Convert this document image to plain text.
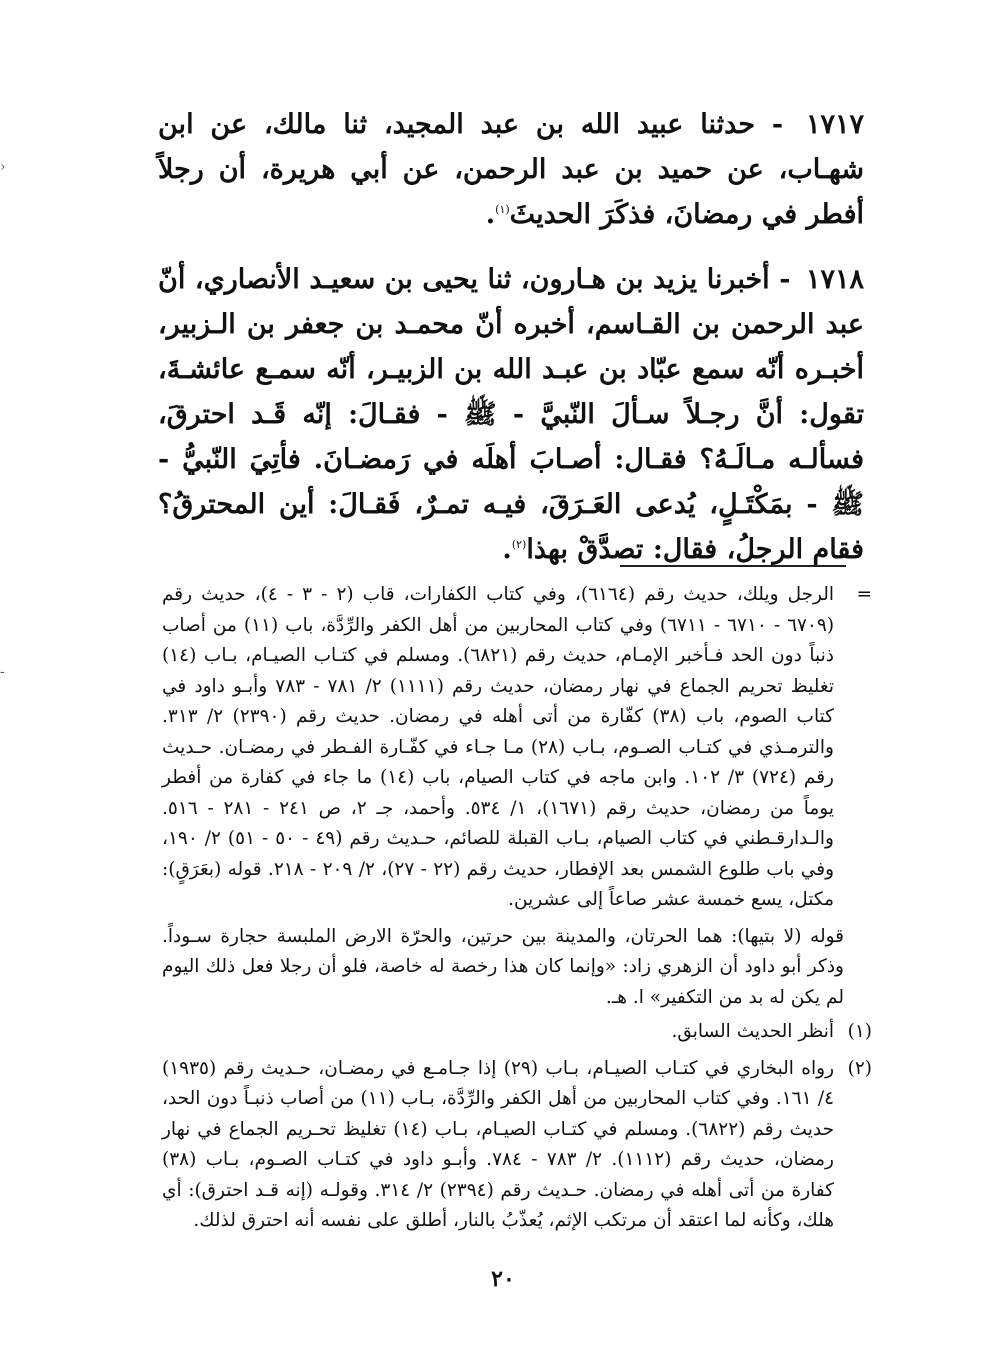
‹
-

١٧١٧ - حدثنا عبيد الله بن عبد المجيد، ثنا مالك، عن ابن شهـاب، عن حميد بن عبد الرحمن، عن أبي هريرة، أن رجلاً أفطر في رمضانَ، فذكَرَ الحديثَ$^{(١)}$.

١٧١٨ - أخبرنا يزيد بن هـارون، ثنا يحيى بن سعيـد الأنصاري، أنّ عبد الرحمن بن القـاسم، أخبره أنّ محمـد بن جعفر بن الـزبير، أخبـره أنّه سمع عبّاد بن عبـد الله بن الزبيـر، أنّه سمـع عائشـةَ، تقول: أنَّ رجـلاً سـألَ النّبيَّ - ﷺ - فقـالَ: إنّه قَـد احترقَ، فسألـه مـالَـهُ؟ فقـال: أصـابَ أهلَه في رَمضـانَ. فأتِيَ النّبيُّ - ﷺ - بمَكْتَـلٍ، يُدعى العَـرَقَ، فيـه تمـرٌ، فَقـالَ: أين المحترقُ؟ فقام الرجلُ، فقال: تصدَّقْ بهذا$^{(٢)}$.

=
الرجل ويلك، حديث رقم (٦١٦٤)، وفي كتاب الكفارات، قاب (٢ - ٣ - ٤)، حديث رقم (٦٧٠٩ - ٦٧١٠ - ٦٧١١) وفي كتاب المحاربين من أهل الكفر والرِّدَّة، باب (١١) من أصاب ذنباً دون الحد فـأخبر الإمـام، حديث رقم (٦٨٢١). ومسلم في كتـاب الصيـام، بـاب (١٤) تغليظ تحريم الجماع في نهار رمضان، حديث رقم (١١١١) ٢/ ٧٨١ - ٧٨٣ وأبـو داود في كتاب الصوم، باب (٣٨) كفّارة من أتى أهله في رمضان. حديث رقم (٢٣٩٠) ٢/ ٣١٣. والترمـذي في كتـاب الصـوم، بـاب (٢٨) مـا جـاء في كفّـارة الفـطر في رمضـان. حـديث رقم (٧٢٤) ٣/ ١٠٢. وابن ماجه في كتاب الصيام، باب (١٤) ما جاء في كفارة من أفطر يوماً من رمضان، حديث رقم (١٦٧١)، ١/ ٥٣٤. وأحمد، جـ ٢، ص ٢٤١ - ٢٨١ - ٥١٦. والـدارقـطني في كتاب الصيام، بـاب القبلة للصائم، حـديث رقم (٤٩ - ٥٠ - ٥١) ٢/ ١٩٠، وفي باب طلوع الشمس بعد الإفطار، حديث رقم (٢٢ - ٢٧)، ٢/ ٢٠٩ - ٢١٨. قوله (بعَرَقٍ): مكتل، يسع خمسة عشر صاعاً إلى عشرين.
قوله (لا بتيها): هما الحرتان، والمدينة بين حرتين، والحرّة الارض الملبسة حجارة سـوداً. وذكر أبو داود أن الزهري زاد: «وإنما كان هذا رخصة له خاصة، فلو أن رجلا فعل ذلك اليوم لم يكن له بد من التكفير» ا. هـ.
(١)
أنظر الحديث السابق.
(٢)
رواه البخاري في كتـاب الصيـام، بـاب (٢٩) إذا جـامـع في رمضـان، حـديث رقم (١٩٣٥) ٤/ ١٦١. وفي كتاب المحاربين من أهل الكفر والرِّدَّة، بـاب (١١) من أصاب ذنبـاً دون الحد، حديث رقم (٦٨٢٢). ومسلم في كتـاب الصيـام، بـاب (١٤) تغليظ تحـريم الجماع في نهار رمضان، حديث رقم (١١١٢). ٢/ ٧٨٣ - ٧٨٤. وأبـو داود في كتـاب الصـوم، بـاب (٣٨) كفارة من أتى أهله في رمضان. حـديث رقم (٢٣٩٤) ٢/ ٣١٤. وقولـه (إنه قـد احترق): أي هلك، وكأنه لما اعتقد أن مرتكب الإثم، يُعذّبُ بالنار، أطلق على نفسه أنه احترق لذلك.
٢٠
